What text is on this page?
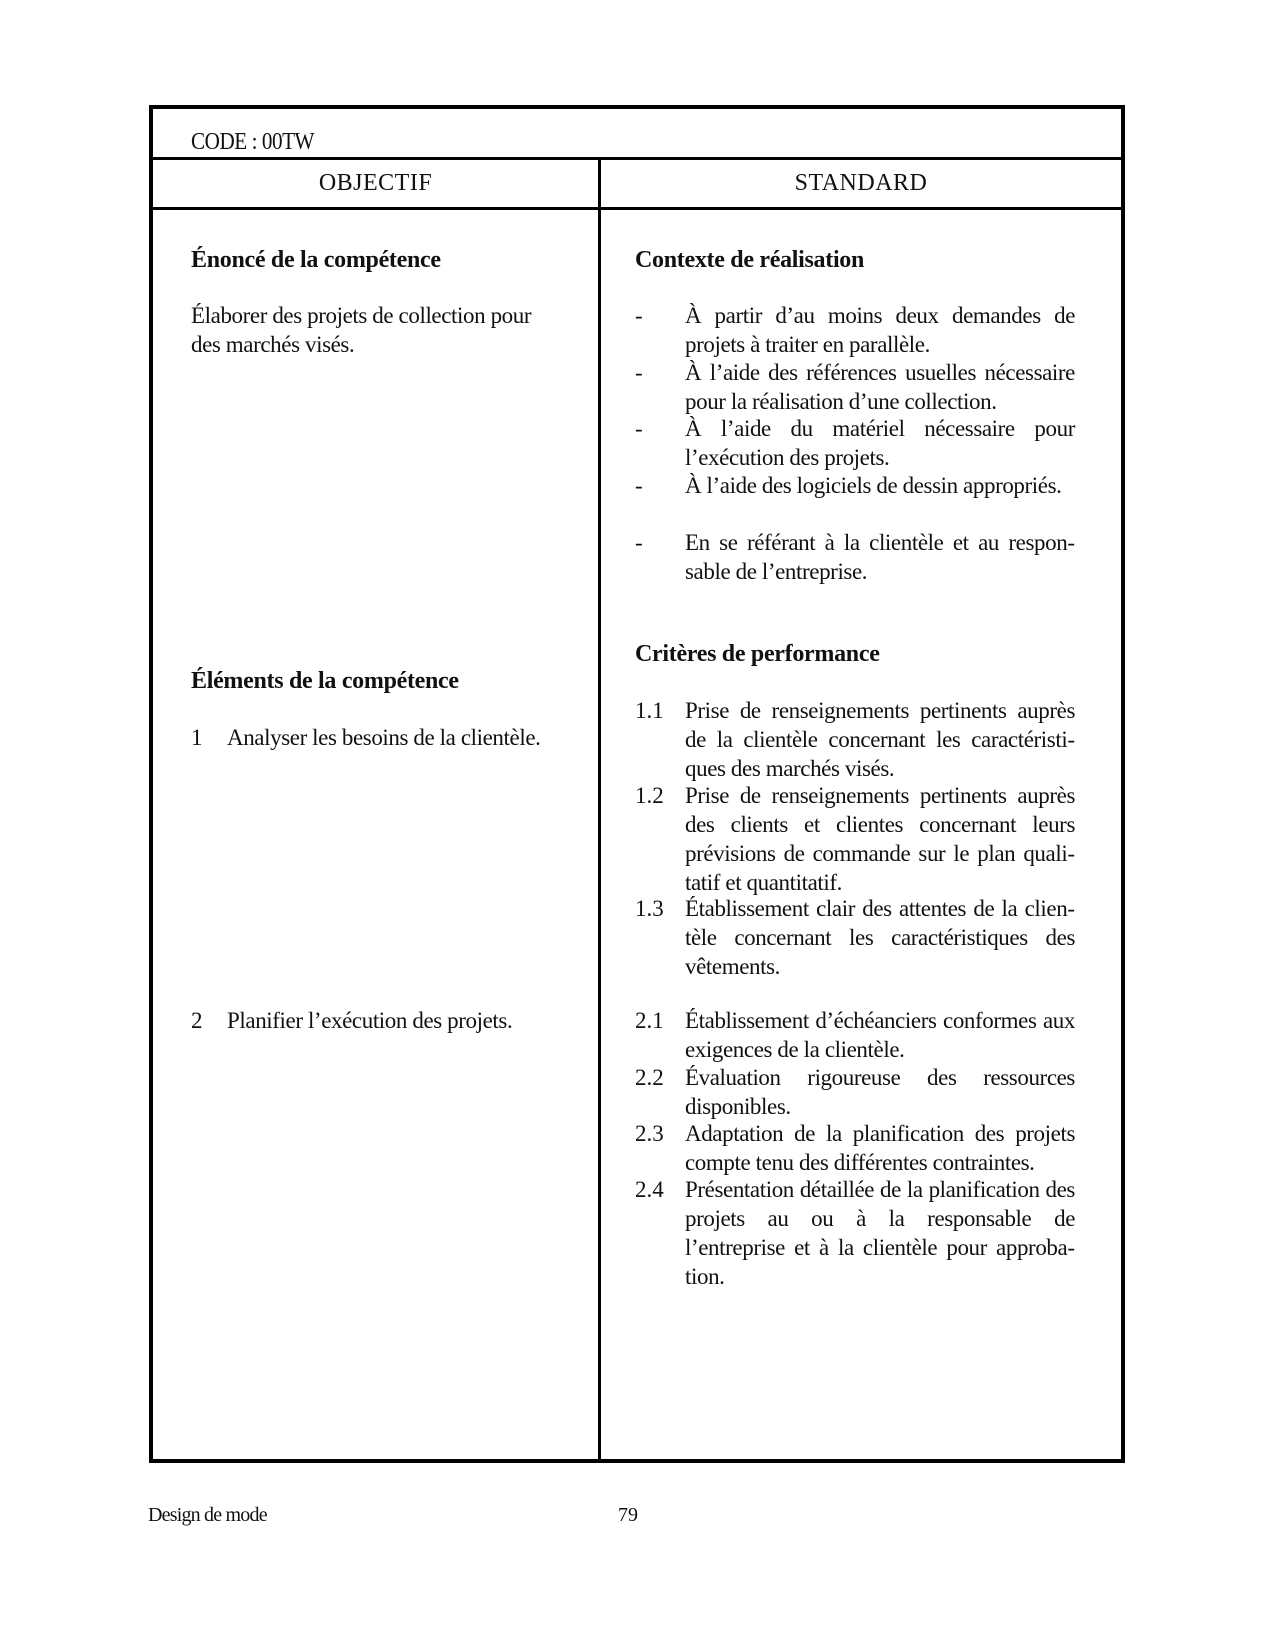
CODE : 00TW
OBJECTIF	STANDARD
Énoncé de la compétence
Élaborer des projets de collection pour des marchés visés.
Éléments de la compétence
1	Analyser les besoins de la clientèle.
2	Planifier l’exécution des projets.
Contexte de réalisation
-	À partir d’au moins deux demandes de projets à traiter en parallèle.
-	À l’aide des références usuelles nécessaire pour la réalisation d’une collection.
-	À l’aide du matériel nécessaire pour l’exécution des projets.
-	À l’aide des logiciels de dessin appropriés.
-	En se référant à la clientèle et au responsable de l’entreprise.
Critères de performance
1.1 Prise de renseignements pertinents auprès de la clientèle concernant les caractéristiques des marchés visés.
1.2 Prise de renseignements pertinents auprès des clients et clientes concernant leurs prévisions de commande sur le plan qualitatif et quantitatif.
1.3 Établissement clair des attentes de la clientèle concernant les caractéristiques des vêtements.
2.1 Établissement d’échéanciers conformes aux exigences de la clientèle.
2.2 Évaluation rigoureuse des ressources disponibles.
2.3 Adaptation de la planification des projets compte tenu des différentes contraintes.
2.4 Présentation détaillée de la planification des projets au ou à la responsable de l’entreprise et à la clientèle pour approbation.
Design de mode	79
